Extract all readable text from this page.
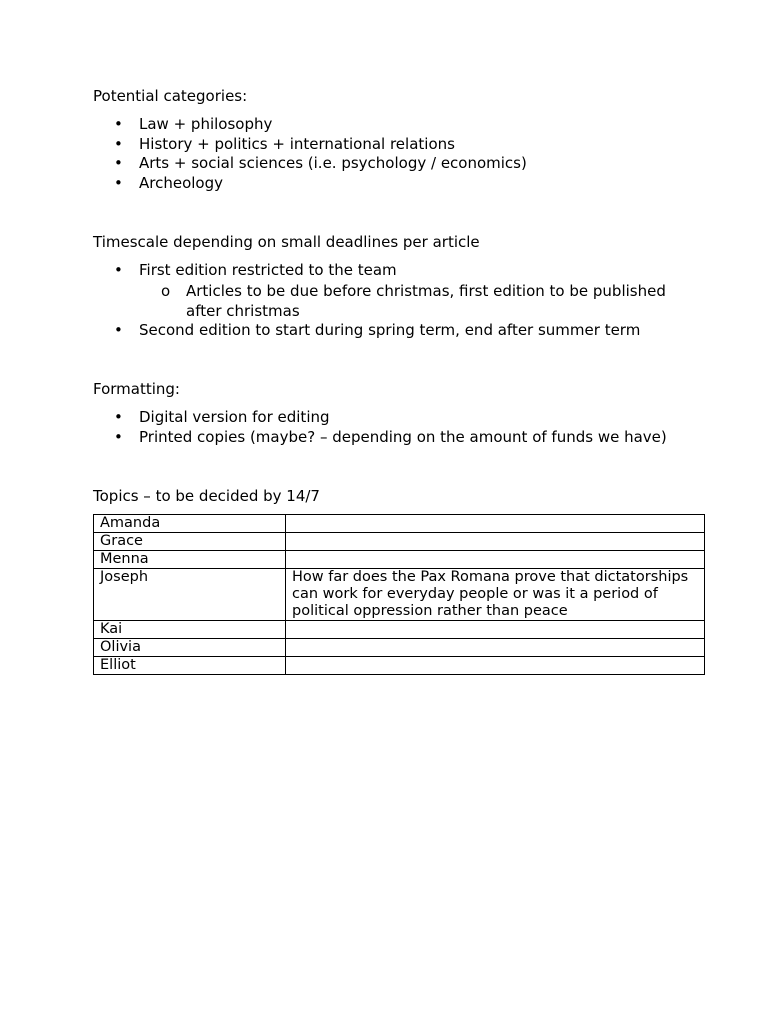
Potential categories:

•	Law + philosophy
•	History + politics + international relations
•	Arts + social sciences (i.e. psychology / economics)
•	Archeology

Timescale depending on small deadlines per article

•	First edition restricted to the team
o Articles to be due before christmas, first edition to be published after christmas
•	Second edition to start during spring term, end after summer term

Formatting:

•	Digital version for editing
•	Printed copies (maybe? – depending on the amount of funds we have)

Topics – to be decided by 14/7

Amanda	
Grace	
Menna	
Joseph	How far does the Pax Romana prove that dictatorships can work for everyday people or was it a period of political oppression rather than peace
Kai	
Olivia	
Elliot	
